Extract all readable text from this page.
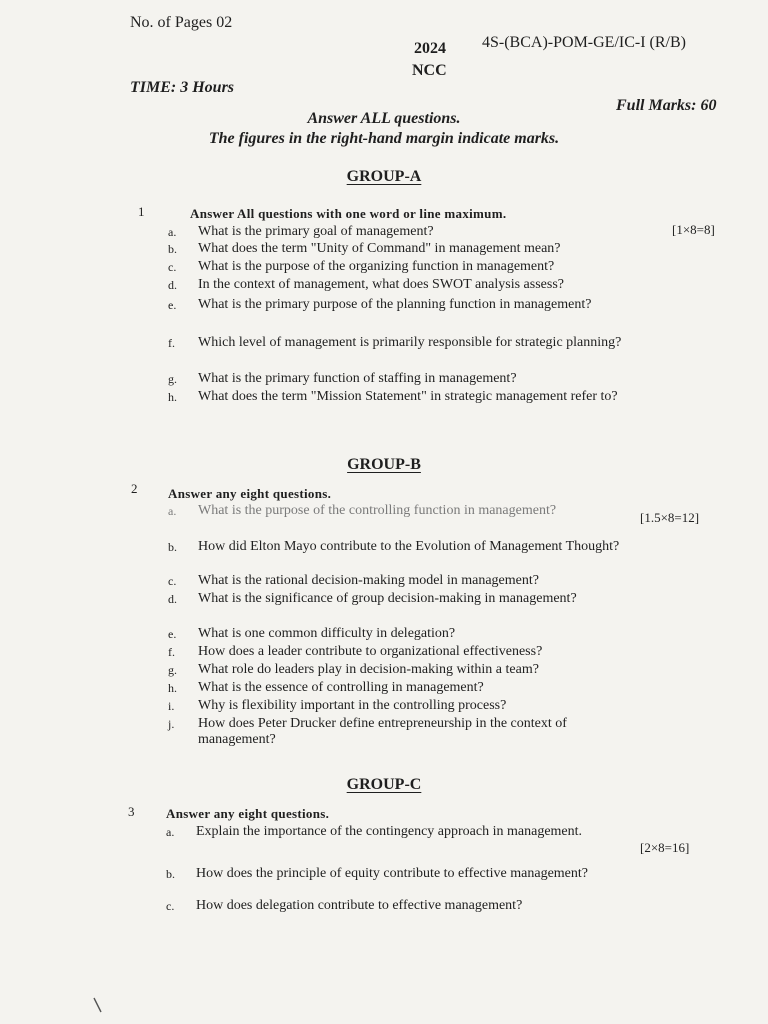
No. of Pages 02
4S-(BCA)-POM-GE/IC-I (R/B)
2024
NCC
TIME: 3 Hours
Full Marks: 60
Answer ALL questions.
The figures in the right-hand margin indicate marks.
GROUP-A
1	Answer All questions with one word or line maximum.
[1×8=8]
a.	What is the primary goal of management?
b.	What does the term "Unity of Command" in management mean?
c.	What is the purpose of the organizing function in management?
d.	In the context of management, what does SWOT analysis assess?
e.	What is the primary purpose of the planning function in management?
f.	Which level of management is primarily responsible for strategic planning?
g.	What is the primary function of staffing in management?
h.	What does the term "Mission Statement" in strategic management refer to?
GROUP-B
2 Answer any eight questions.
[1.5×8=12]
a.	What is the purpose of the controlling function in management?
b.	How did Elton Mayo contribute to the Evolution of Management Thought?
c.	What is the rational decision-making model in management?
d.	What is the significance of group decision-making in management?
e.	What is one common difficulty in delegation?
f.	How does a leader contribute to organizational effectiveness?
g.	What role do leaders play in decision-making within a team?
h.	What is the essence of controlling in management?
i.	Why is flexibility important in the controlling process?
j.	How does Peter Drucker define entrepreneurship in the context of management?
GROUP-C
3 Answer any eight questions.
[2×8=16]
a.	Explain the importance of the contingency approach in management.
b.	How does the principle of equity contribute to effective management?
c.	How does delegation contribute to effective management?
